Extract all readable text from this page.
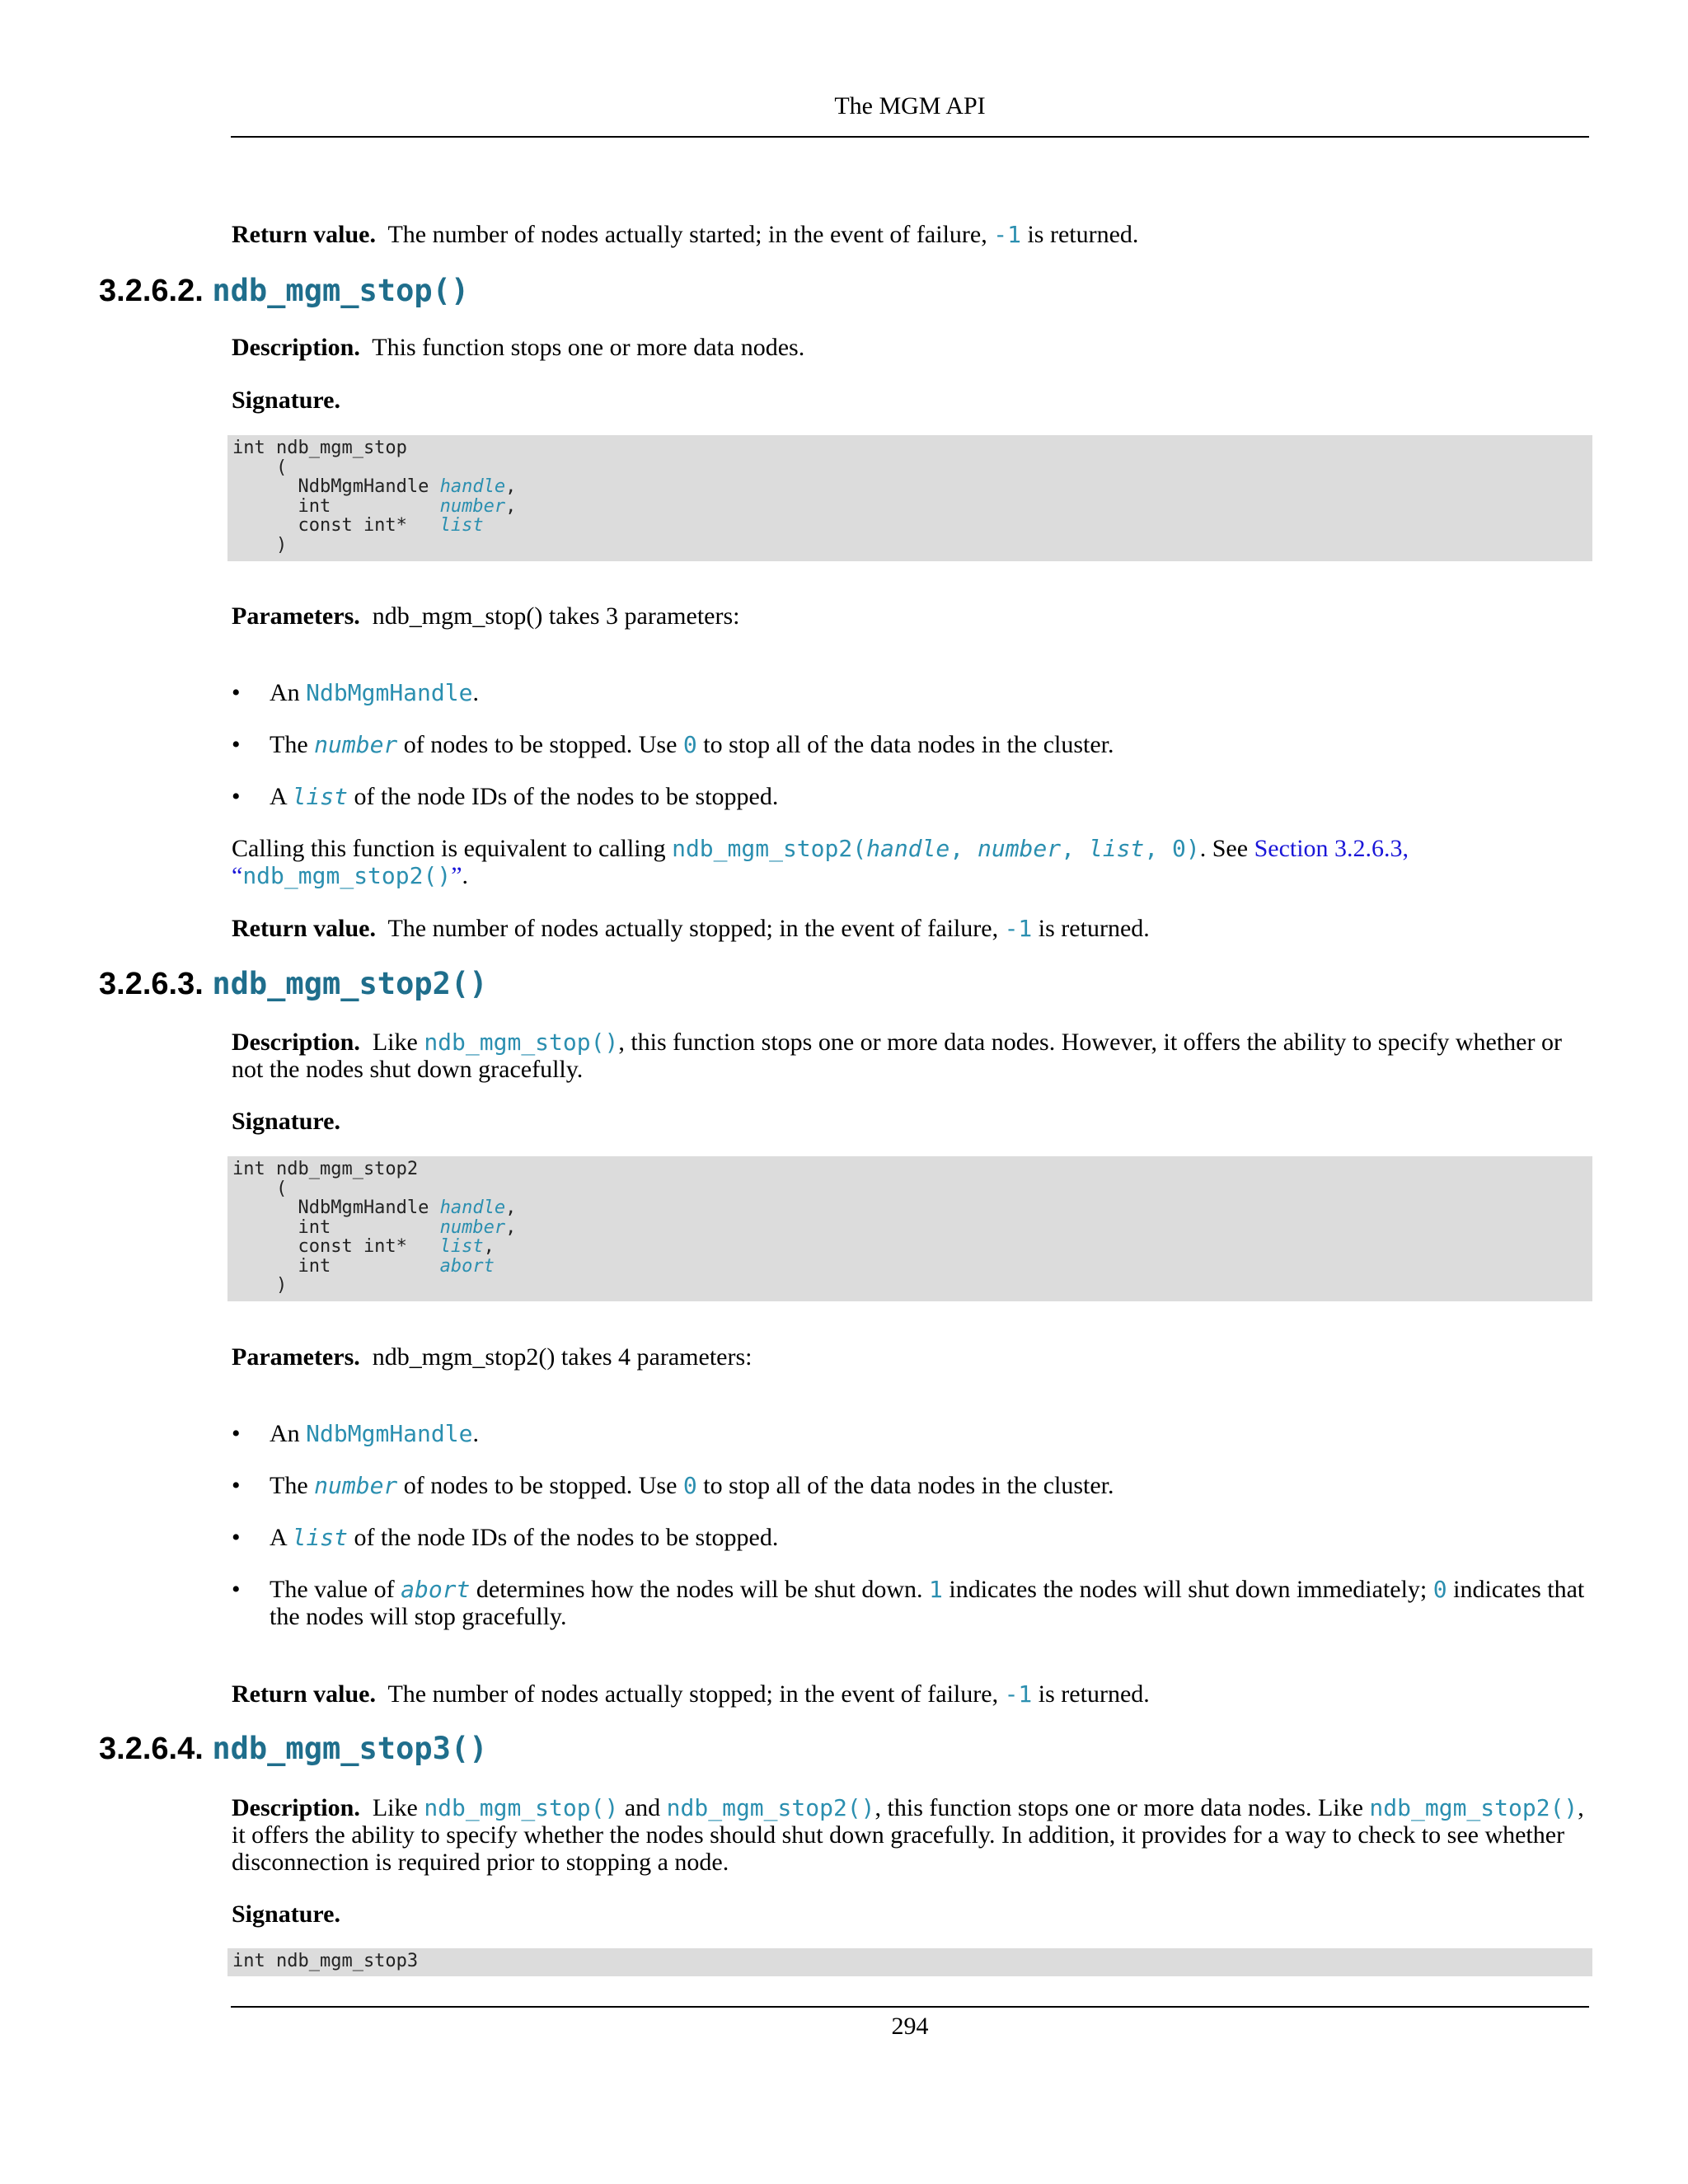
The MGM API
Return value. The number of nodes actually started; in the event of failure, -1 is returned.
3.2.6.2. ndb_mgm_stop()
Description. This function stops one or more data nodes.
Signature.
int ndb_mgm_stop
(
NdbMgmHandle handle,
int          number,
const int*   list
)
Parameters. ndb_mgm_stop() takes 3 parameters:
• An NdbMgmHandle.
• The number of nodes to be stopped. Use 0 to stop all of the data nodes in the cluster.
• A list of the node IDs of the nodes to be stopped.
Calling this function is equivalent to calling ndb_mgm_stop2(handle, number, list, 0). See Section 3.2.6.3,
“ndb_mgm_stop2()”.
Return value. The number of nodes actually stopped; in the event of failure, -1 is returned.
3.2.6.3. ndb_mgm_stop2()
Description. Like ndb_mgm_stop(), this function stops one or more data nodes. However, it offers the ability to specify whether or not the nodes shut down gracefully.
Signature.
int ndb_mgm_stop2
(
NdbMgmHandle handle,
int          number,
const int*   list,
int          abort
)
Parameters. ndb_mgm_stop2() takes 4 parameters:
• An NdbMgmHandle.
• The number of nodes to be stopped. Use 0 to stop all of the data nodes in the cluster.
• A list of the node IDs of the nodes to be stopped.
• The value of abort determines how the nodes will be shut down. 1 indicates the nodes will shut down immediately; 0 indicates that the nodes will stop gracefully.
Return value. The number of nodes actually stopped; in the event of failure, -1 is returned.
3.2.6.4. ndb_mgm_stop3()
Description. Like ndb_mgm_stop() and ndb_mgm_stop2(), this function stops one or more data nodes. Like ndb_mgm_stop2(), it offers the ability to specify whether the nodes should shut down gracefully. In addition, it provides for a way to check to see whether disconnection is required prior to stopping a node.
Signature.
int ndb_mgm_stop3
294
